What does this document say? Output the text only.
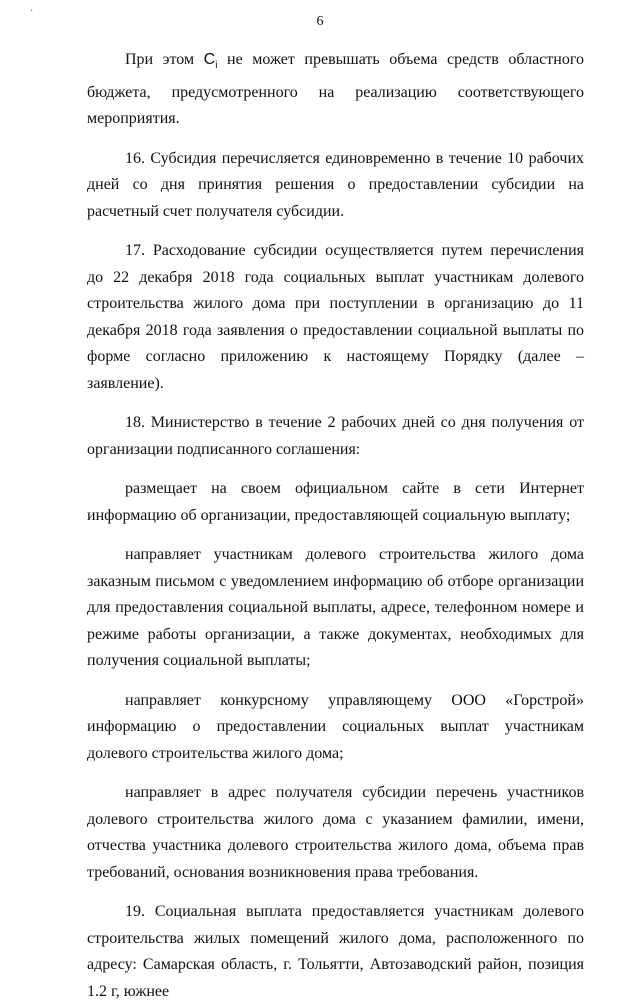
·
6

При этом $C_i$ не может превышать объема средств областного бюджета, предусмотренного на реализацию соответствующего мероприятия.

16. Субсидия перечисляется единовременно в течение 10 рабочих дней со дня принятия решения о предоставлении субсидии на расчетный счет получателя субсидии.

17. Расходование субсидии осуществляется путем перечисления до 22 декабря 2018 года социальных выплат участникам долевого строительства жилого дома при поступлении в организацию до 11 декабря 2018 года заявления о предоставлении социальной выплаты по форме согласно приложению к настоящему Порядку (далее – заявление).

18. Министерство в течение 2 рабочих дней со дня получения от организации подписанного соглашения:

размещает на своем официальном сайте в сети Интернет информацию об организации, предоставляющей социальную выплату;

направляет участникам долевого строительства жилого дома заказным письмом с уведомлением информацию об отборе организации для предоставления социальной выплаты, адресе, телефонном номере и режиме работы организации, а также документах, необходимых для получения социальной выплаты;

направляет конкурсному управляющему ООО «Горстрой» информацию о предоставлении социальных выплат участникам долевого строительства жилого дома;

направляет в адрес получателя субсидии перечень участников долевого строительства жилого дома с указанием фамилии, имени, отчества участника долевого строительства жилого дома, объема прав требований, основания возникновения права требования.

19. Социальная выплата предоставляется участникам долевого строительства жилых помещений жилого дома, расположенного по адресу: Самарская область, г. Тольятти, Автозаводский район, позиция 1.2 г, южнее
